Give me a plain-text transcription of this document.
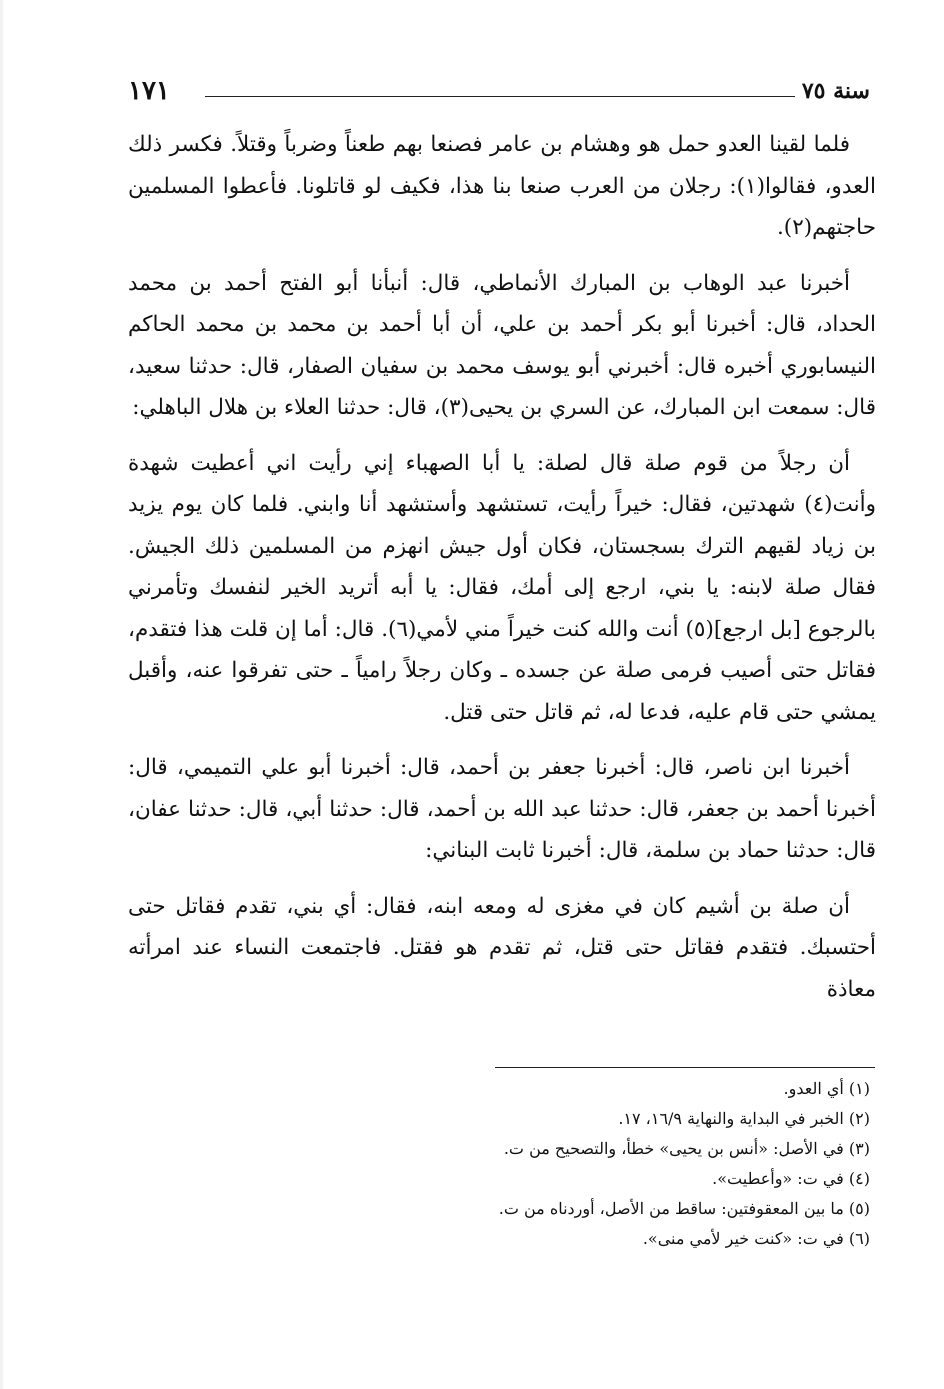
سنة ٧٥
١٧١

فلما لقينا العدو حمل هو وهشام بن عامر فصنعا بهم طعناً وضرباً وقتلاً. فكسر ذلك العدو، فقالوا(١): رجلان من العرب صنعا بنا هذا، فكيف لو قاتلونا. فأعطوا المسلمين حاجتهم(٢).

أخبرنا عبد الوهاب بن المبارك الأنماطي، قال: أنبأنا أبو الفتح أحمد بن محمد الحداد، قال: أخبرنا أبو بكر أحمد بن علي، أن أبا أحمد بن محمد بن محمد الحاكم النيسابوري أخبره قال: أخبرني أبو يوسف محمد بن سفيان الصفار، قال: حدثنا سعيد، قال: سمعت ابن المبارك، عن السري بن يحيى(٣)، قال: حدثنا العلاء بن هلال الباهلي:

أن رجلاً من قوم صلة قال لصلة: يا أبا الصهباء إني رأيت اني أعطيت شهدة وأنت(٤) شهدتين، فقال: خيراً رأيت، تستشهد وأستشهد أنا وابني. فلما كان يوم يزيد بن زياد لقيهم الترك بسجستان، فكان أول جيش انهزم من المسلمين ذلك الجيش. فقال صلة لابنه: يا بني، ارجع إلى أمك، فقال: يا أبه أتريد الخير لنفسك وتأمرني بالرجوع [بل ارجع](٥) أنت والله كنت خيراً مني لأمي(٦). قال: أما إن قلت هذا فتقدم، فقاتل حتى أصيب فرمى صلة عن جسده ـ وكان رجلاً رامياً ـ حتى تفرقوا عنه، وأقبل يمشي حتى قام عليه، فدعا له، ثم قاتل حتى قتل.

أخبرنا ابن ناصر، قال: أخبرنا جعفر بن أحمد، قال: أخبرنا أبو علي التميمي، قال: أخبرنا أحمد بن جعفر، قال: حدثنا عبد الله بن أحمد، قال: حدثنا أبي، قال: حدثنا عفان، قال: حدثنا حماد بن سلمة، قال: أخبرنا ثابت البناني:

أن صلة بن أشيم كان في مغزى له ومعه ابنه، فقال: أي بني، تقدم فقاتل حتى أحتسبك. فتقدم فقاتل حتى قتل، ثم تقدم هو فقتل. فاجتمعت النساء عند امرأته معاذة

(١) أي العدو.

(٢) الخبر في البداية والنهاية ١٦/٩، ١٧.

(٣) في الأصل: «أنس بن يحيى» خطأ، والتصحيح من ت.

(٤) في ت: «وأعطيت».

(٥) ما بين المعقوفتين: ساقط من الأصل، أوردناه من ت.

(٦) في ت: «كنت خير لأمي منى».
